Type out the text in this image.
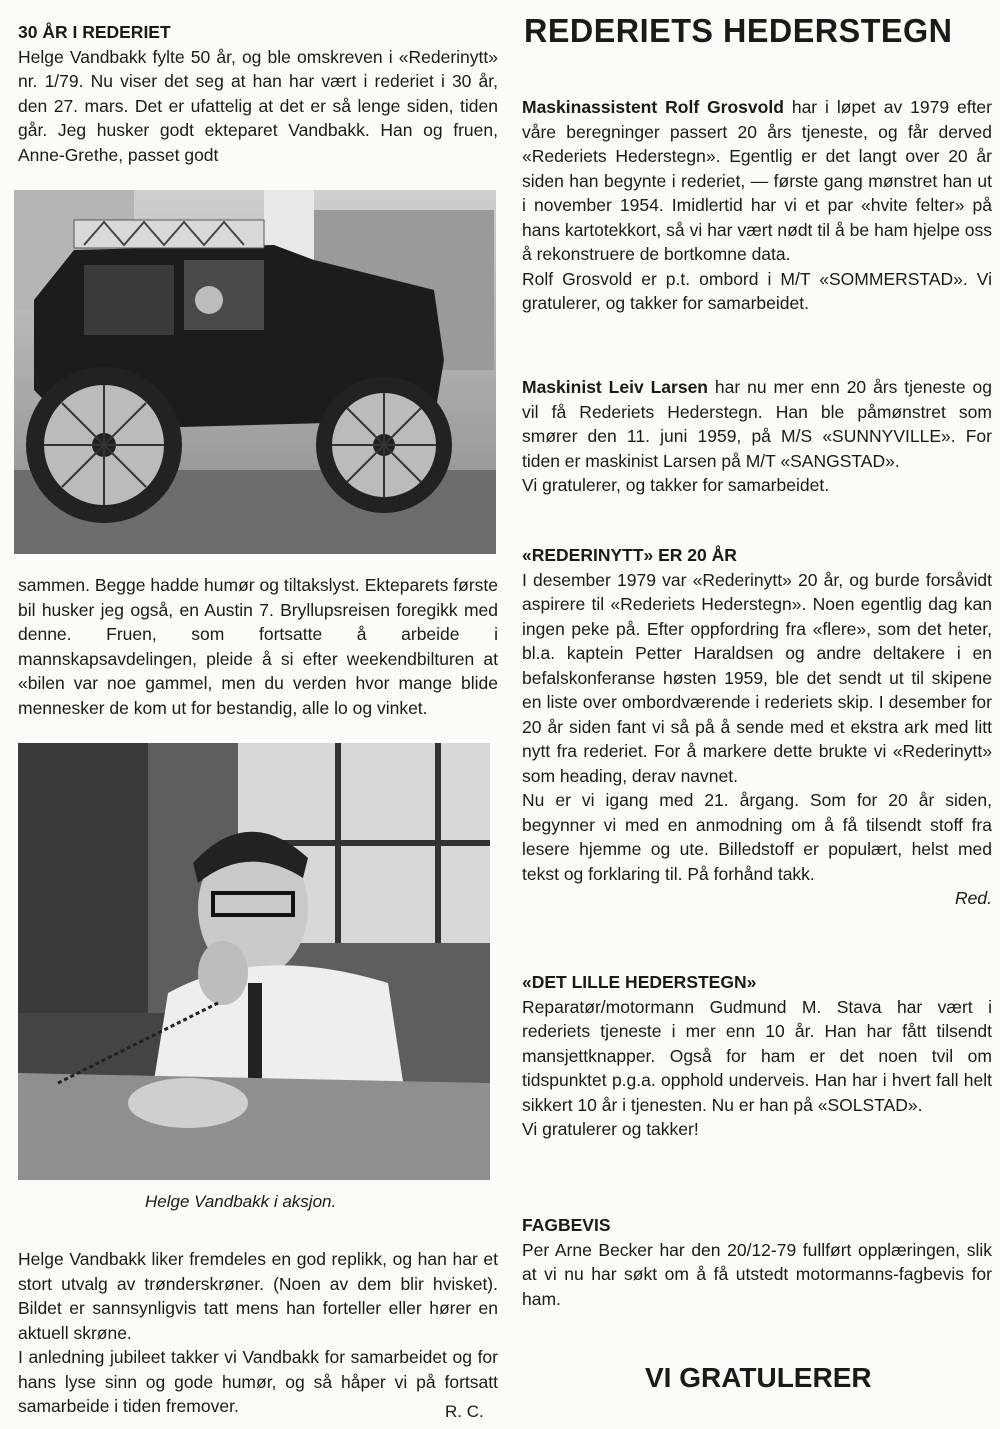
30 ÅR I REDERIET

Helge Vandbakk fylte 50 år, og ble omskreven i «Rederinytt» nr. 1/79. Nu viser det seg at han har vært i rederiet i 30 år, den 27. mars. Det er ufattelig at det er så lenge siden, tiden går. Jeg husker godt ekteparet Vandbakk. Han og fruen, Anne-Grethe, passet godt

sammen. Begge hadde humør og tiltakslyst. Ekteparets første bil husker jeg også, en Austin 7. Bryllupsreisen foregikk med denne. Fruen, som fortsatte å arbeide i mannskapsavdelingen, pleide å si efter weekendbilturen at «bilen var noe gammel, men du verden hvor mange blide mennesker de kom ut for bestandig, alle lo og vinket.

Helge Vandbakk i aksjon.

Helge Vandbakk liker fremdeles en god replikk, og han har et stort utvalg av trønderskrøner. (Noen av dem blir hvisket). Bildet er sannsynligvis tatt mens han forteller eller hører en aktuell skrøne.

I anledning jubileet takker vi Vandbakk for samarbeidet og for hans lyse sinn og gode humør, og så håper vi på fortsatt samarbeide i tiden fremover.	R. C.
REDERIETS HEDERSTEGN

Maskinassistent Rolf Grosvold har i løpet av 1979 efter våre beregninger passert 20 års tjeneste, og får derved «Rederiets Hederstegn». Egentlig er det langt over 20 år siden han begynte i rederiet, — første gang mønstret han ut i november 1954. Imidlertid har vi et par «hvite felter» på hans kartotekkort, så vi har vært nødt til å be ham hjelpe oss å rekonstruere de bortkomne data.

Rolf Grosvold er p.t. ombord i M/T «SOMMERSTAD». Vi gratulerer, og takker for samarbeidet.

Maskinist Leiv Larsen har nu mer enn 20 års tjeneste og vil få Rederiets Hederstegn. Han ble påmønstret som smører den 11. juni 1959, på M/S «SUNNYVILLE». For tiden er maskinist Larsen på M/T «SANGSTAD».

Vi gratulerer, og takker for samarbeidet.

«REDERINYTT» ER 20 ÅR

I desember 1979 var «Rederinytt» 20 år, og burde forsåvidt aspirere til «Rederiets Hederstegn». Noen egentlig dag kan ingen peke på. Efter oppfordring fra «flere», som det heter, bl.a. kaptein Petter Haraldsen og andre deltakere i en befalskonferanse høsten 1959, ble det sendt ut til skipene en liste over ombordværende i rederiets skip. I desember for 20 år siden fant vi så på å sende med et ekstra ark med litt nytt fra rederiet. For å markere dette brukte vi «Rederinytt» som heading, derav navnet.

Nu er vi igang med 21. årgang. Som for 20 år siden, begynner vi med en anmodning om å få tilsendt stoff fra lesere hjemme og ute. Billedstoff er populært, helst med tekst og forklaring til. På forhånd takk.

Red.

«DET LILLE HEDERSTEGN»

Reparatør/motormann Gudmund M. Stava har vært i rederiets tjeneste i mer enn 10 år. Han har fått tilsendt mansjettknapper. Også for ham er det noen tvil om tidspunktet p.g.a. opphold underveis. Han har i hvert fall helt sikkert 10 år i tjenesten. Nu er han på «SOLSTAD».

Vi gratulerer og takker!

FAGBEVIS

Per Arne Becker har den 20/12-79 fullført opplæringen, slik at vi nu har søkt om å få utstedt motormanns-fagbevis for ham.

VI GRATULERER
